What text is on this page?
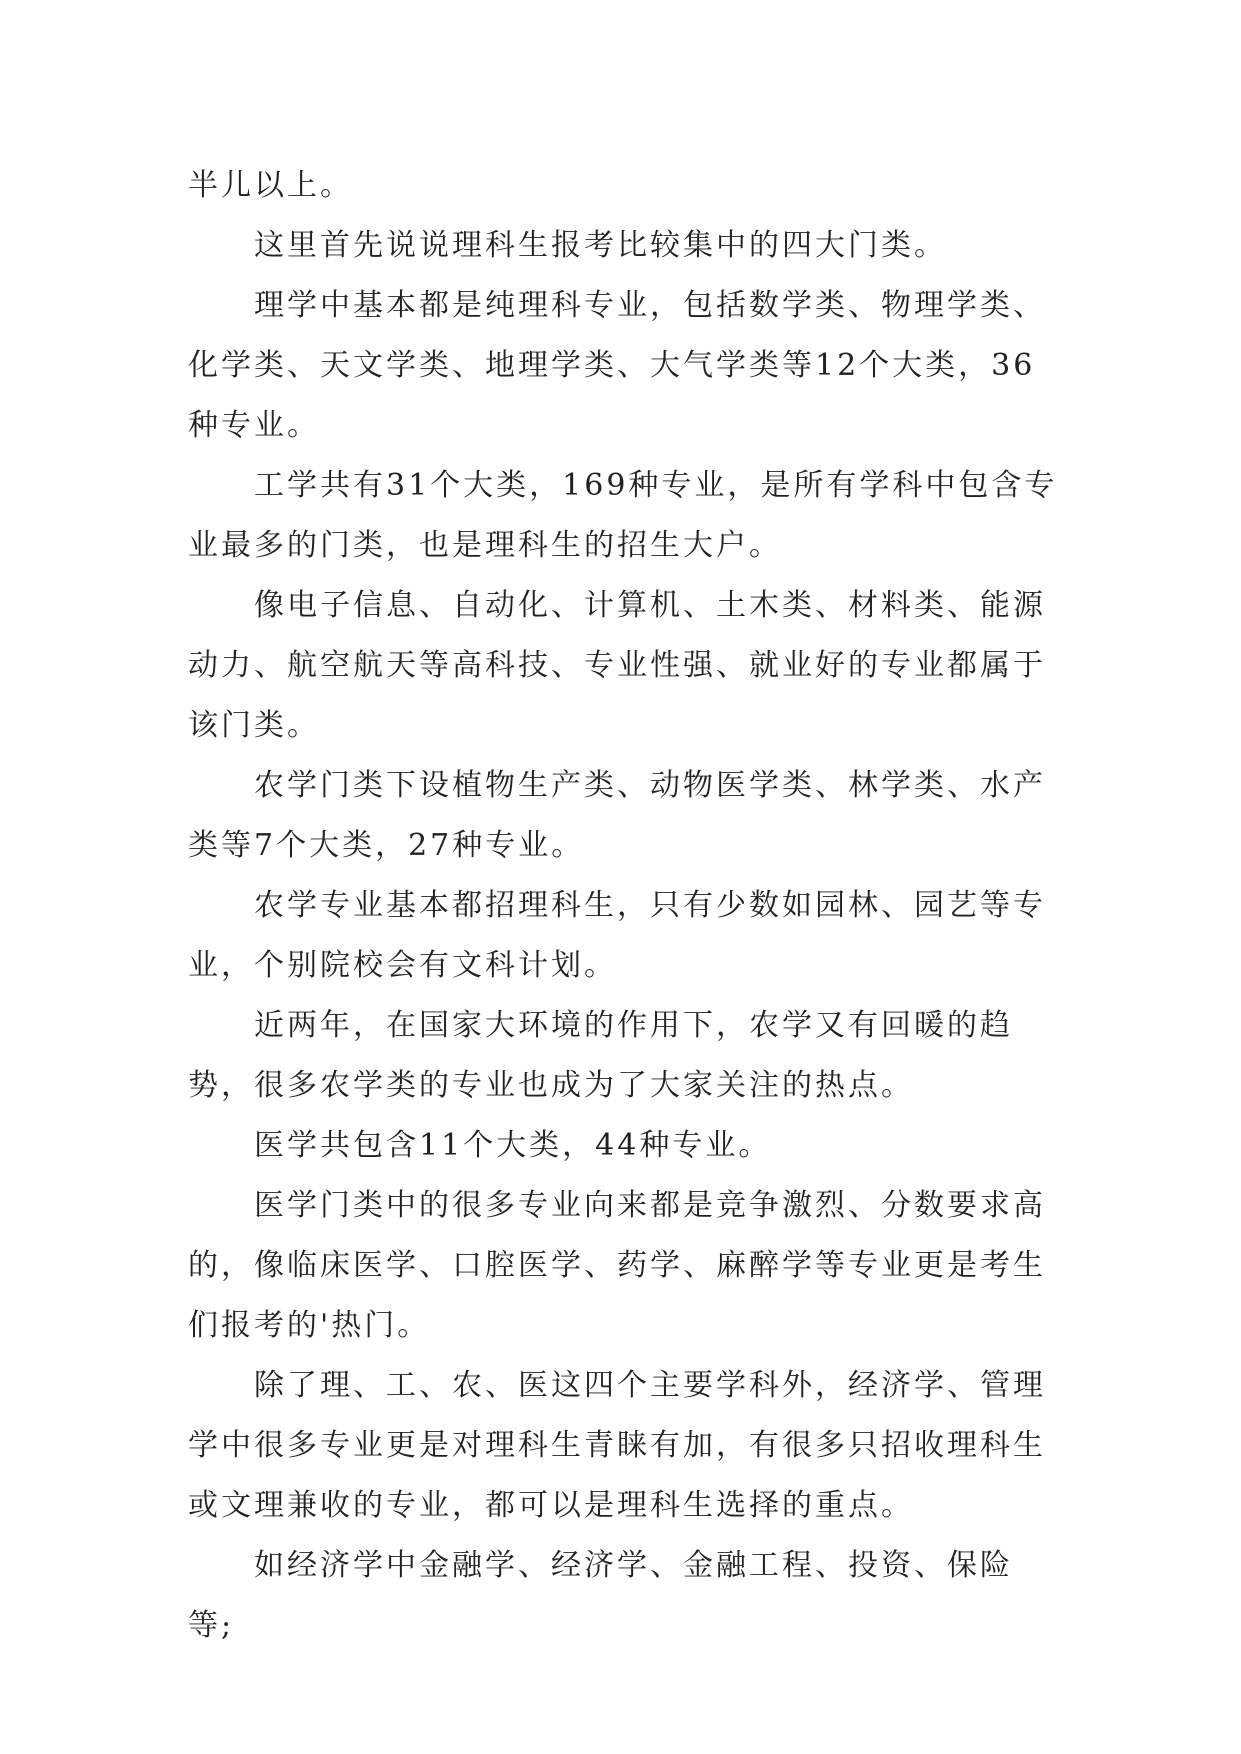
半儿以上。

这里首先说说理科生报考比较集中的四大门类。

理学中基本都是纯理科专业，包括数学类、物理学类、化学类、天文学类、地理学类、大气学类等12个大类，36种专业。

工学共有31个大类，169种专业，是所有学科中包含专业最多的门类，也是理科生的招生大户。

像电子信息、自动化、计算机、土木类、材料类、能源动力、航空航天等高科技、专业性强、就业好的专业都属于该门类。

农学门类下设植物生产类、动物医学类、林学类、水产类等7个大类，27种专业。

农学专业基本都招理科生，只有少数如园林、园艺等专业，个别院校会有文科计划。

近两年，在国家大环境的作用下，农学又有回暖的趋势，很多农学类的专业也成为了大家关注的热点。

医学共包含11个大类，44种专业。

医学门类中的很多专业向来都是竞争激烈、分数要求高的，像临床医学、口腔医学、药学、麻醉学等专业更是考生们报考的'热门。

除了理、工、农、医这四个主要学科外，经济学、管理学中很多专业更是对理科生青睐有加，有很多只招收理科生或文理兼收的专业，都可以是理科生选择的重点。

如经济学中金融学、经济学、金融工程、投资、保险等;
